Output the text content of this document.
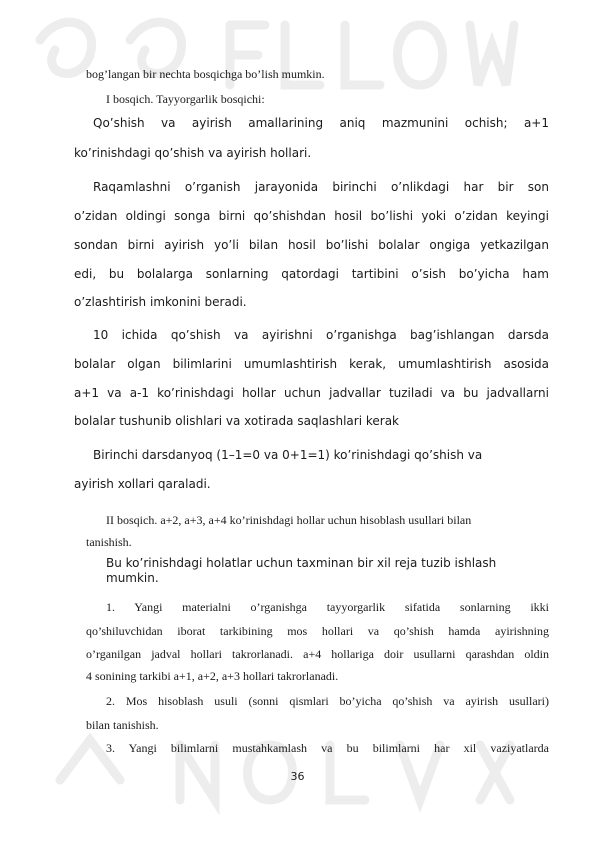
bog’langan bir nechta bosqichga bo’lish mumkin.
I bosqich. Tayyorgarlik bosqichi:
Qo’shish va ayirish amallarining aniq mazmunini ochish; a+1
ko’rinishdagi qo’shish va ayirish hollari.
Raqamlashni o’rganish jarayonida birinchi o’nlikdagi har bir son
o’zidan oldingi songa birni qo’shishdan hosil bo’lishi yoki o’zidan keyingi
sondan birni ayirish yo’li bilan hosil bo’lishi bolalar ongiga yetkazilgan
edi, bu bolalarga sonlarning qatordagi tartibini o’sish bo’yicha ham
o’zlashtirish imkonini beradi.
10 ichida qo’shish va ayirishni o’rganishga bag’ishlangan darsda
bolalar olgan bilimlarini umumlashtirish kerak, umumlashtirish asosida
a+1 va a-1 ko’rinishdagi hollar uchun jadvallar tuziladi va bu jadvallarni
bolalar tushunib olishlari va xotirada saqlashlari kerak
Birinchi darsdanyoq (1–1=0 va 0+1=1) ko’rinishdagi qo’shish va
ayirish xollari qaraladi.
II bosqich. a+2, a+3, a+4 ko’rinishdagi hollar uchun hisoblash usullari bilan
tanishish.
Bu ko’rinishdagi holatlar uchun taxminan bir xil reja tuzib ishlash
mumkin.
1. Yangi materialni o’rganishga tayyorgarlik sifatida sonlarning ikki
qo’shiluvchidan iborat tarkibining mos hollari va qo’shish hamda ayirishning
o’rganilgan jadval hollari takrorlanadi. a+4 hollariga doir usullarni qarashdan oldin
4 sonining tarkibi a+1, a+2, a+3 hollari takrorlanadi.
2. Mos hisoblash usuli (sonni qismlari bo’yicha qo’shish va ayirish usullari)
bilan tanishish.
3. Yangi bilimlarni mustahkamlash va bu bilimlarni har xil vaziyatlarda
36
